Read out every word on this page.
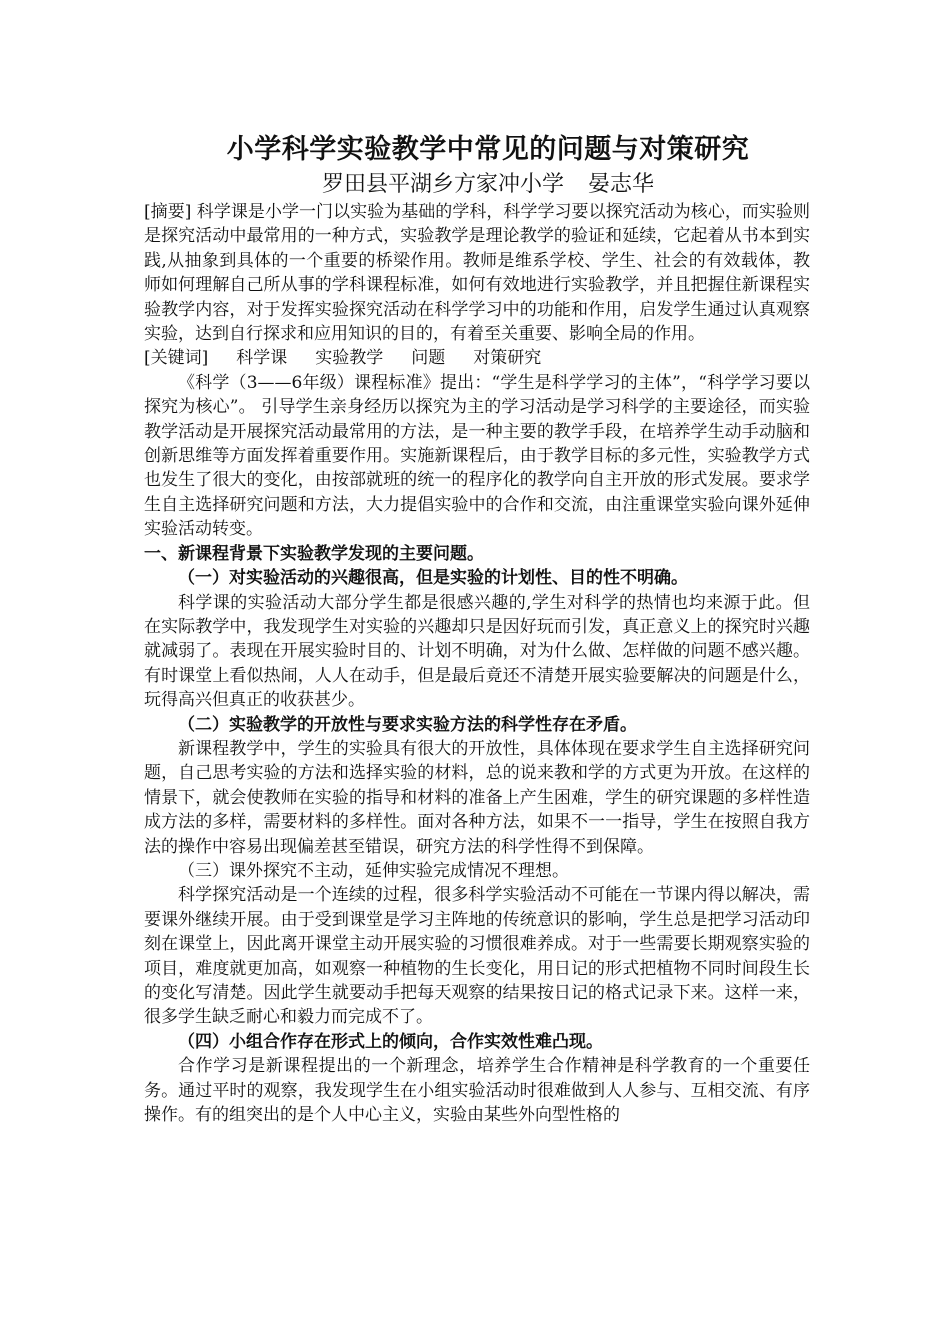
小学科学实验教学中常见的问题与对策研究
罗田县平湖乡方家冲小学 晏志华

[摘要] 科学课是小学一门以实验为基础的学科，科学学习要以探究活动为核心，而实验则是探究活动中最常用的一种方式，实验教学是理论教学的验证和延续，它起着从书本到实践,从抽象到具体的一个重要的桥梁作用。教师是维系学校、学生、社会的有效载体，教师如何理解自己所从事的学科课程标准，如何有效地进行实验教学，并且把握住新课程实验教学内容，对于发挥实验探究活动在科学学习中的功能和作用，启发学生通过认真观察实验，达到自行探求和应用知识的目的，有着至关重要、影响全局的作用。

[关键词] 科学课 实验教学 问题 对策研究

《科学（3——6年级）课程标准》提出：“学生是科学学习的主体”，“科学学习要以探究为核心”。 引导学生亲身经历以探究为主的学习活动是学习科学的主要途径，而实验教学活动是开展探究活动最常用的方法，是一种主要的教学手段，在培养学生动手动脑和创新思维等方面发挥着重要作用。实施新课程后，由于教学目标的多元性，实验教学方式也发生了很大的变化，由按部就班的统一的程序化的教学向自主开放的形式发展。要求学生自主选择研究问题和方法，大力提倡实验中的合作和交流，由注重课堂实验向课外延伸实验活动转变。

一、新课程背景下实验教学发现的主要问题。

（一）对实验活动的兴趣很高，但是实验的计划性、目的性不明确。

科学课的实验活动大部分学生都是很感兴趣的,学生对科学的热情也均来源于此。但在实际教学中，我发现学生对实验的兴趣却只是因好玩而引发，真正意义上的探究时兴趣就减弱了。表现在开展实验时目的、计划不明确，对为什么做、怎样做的问题不感兴趣。有时课堂上看似热闹，人人在动手，但是最后竟还不清楚开展实验要解决的问题是什么，玩得高兴但真正的收获甚少。

（二）实验教学的开放性与要求实验方法的科学性存在矛盾。

新课程教学中，学生的实验具有很大的开放性，具体体现在要求学生自主选择研究问题，自己思考实验的方法和选择实验的材料，总的说来教和学的方式更为开放。在这样的情景下，就会使教师在实验的指导和材料的准备上产生困难，学生的研究课题的多样性造成方法的多样，需要材料的多样性。面对各种方法，如果不一一指导，学生在按照自我方法的操作中容易出现偏差甚至错误，研究方法的科学性得不到保障。

（三）课外探究不主动，延伸实验完成情况不理想。

科学探究活动是一个连续的过程，很多科学实验活动不可能在一节课内得以解决，需要课外继续开展。由于受到课堂是学习主阵地的传统意识的影响，学生总是把学习活动印刻在课堂上，因此离开课堂主动开展实验的习惯很难养成。对于一些需要长期观察实验的项目，难度就更加高，如观察一种植物的生长变化，用日记的形式把植物不同时间段生长的变化写清楚。因此学生就要动手把每天观察的结果按日记的格式记录下来。这样一来，很多学生缺乏耐心和毅力而完成不了。

（四）小组合作存在形式上的倾向，合作实效性难凸现。

合作学习是新课程提出的一个新理念，培养学生合作精神是科学教育的一个重要任务。通过平时的观察，我发现学生在小组实验活动时很难做到人人参与、互相交流、有序操作。有的组突出的是个人中心主义，实验由某些外向型性格的
